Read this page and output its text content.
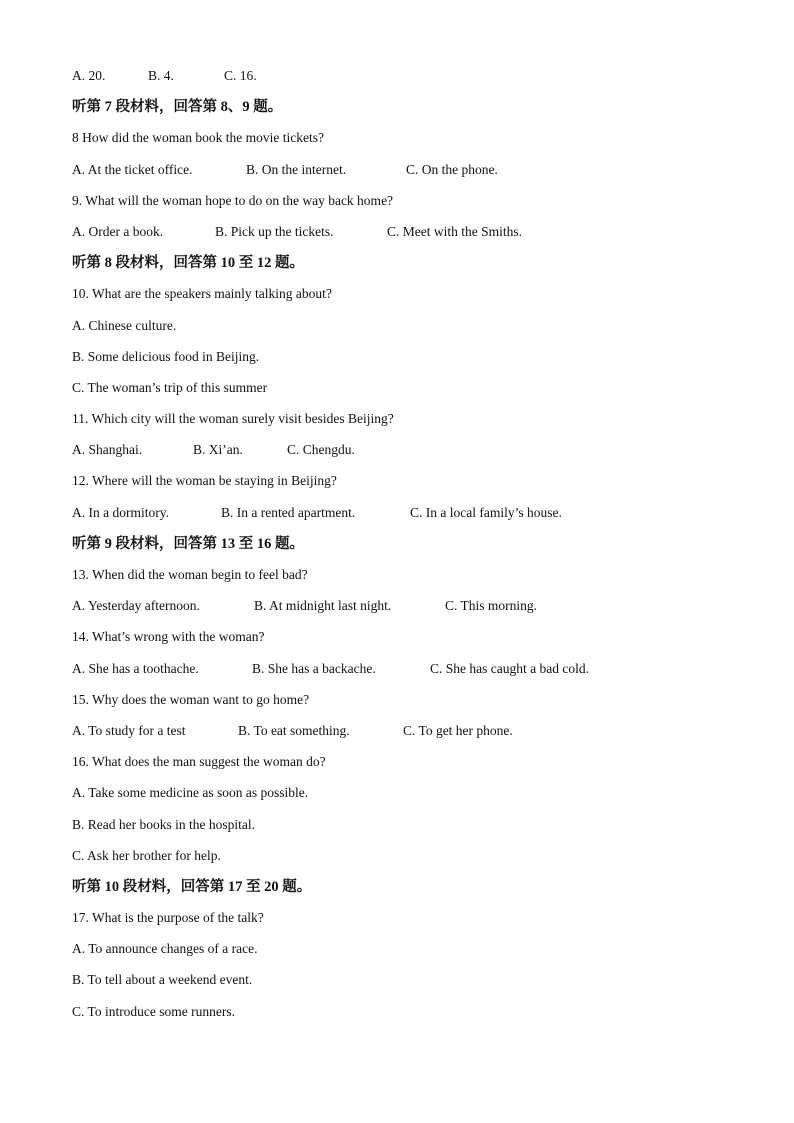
A. 20.	B. 4.	C. 16.
听第 7 段材料，回答第 8、9 题。
8 How did the woman book the movie tickets?
A. At the ticket office.	B. On the internet.	C. On the phone.
9. What will the woman hope to do on the way back home?
A. Order a book.	B. Pick up the tickets.	C. Meet with the Smiths.
听第 8 段材料，回答第 10 至 12 题。
10. What are the speakers mainly talking about?
A. Chinese culture.
B. Some delicious food in Beijing.
C. The woman’s trip of this summer
11. Which city will the woman surely visit besides Beijing?
A. Shanghai.	B. Xi’an.	C. Chengdu.
12. Where will the woman be staying in Beijing?
A. In a dormitory.	B. In a rented apartment.	C. In a local family’s house.
听第 9 段材料，回答第 13 至 16 题。
13. When did the woman begin to feel bad?
A. Yesterday afternoon.	B. At midnight last night.	C. This morning.
14. What’s wrong with the woman?
A. She has a toothache.	B. She has a backache.	C. She has caught a bad cold.
15. Why does the woman want to go home?
A. To study for a test	B. To eat something.	C. To get her phone.
16. What does the man suggest the woman do?
A. Take some medicine as soon as possible.
B. Read her books in the hospital.
C. Ask her brother for help.
听第 10 段材料，回答第 17 至 20 题。
17. What is the purpose of the talk?
A. To announce changes of a race.
B. To tell about a weekend event.
C. To introduce some runners.
